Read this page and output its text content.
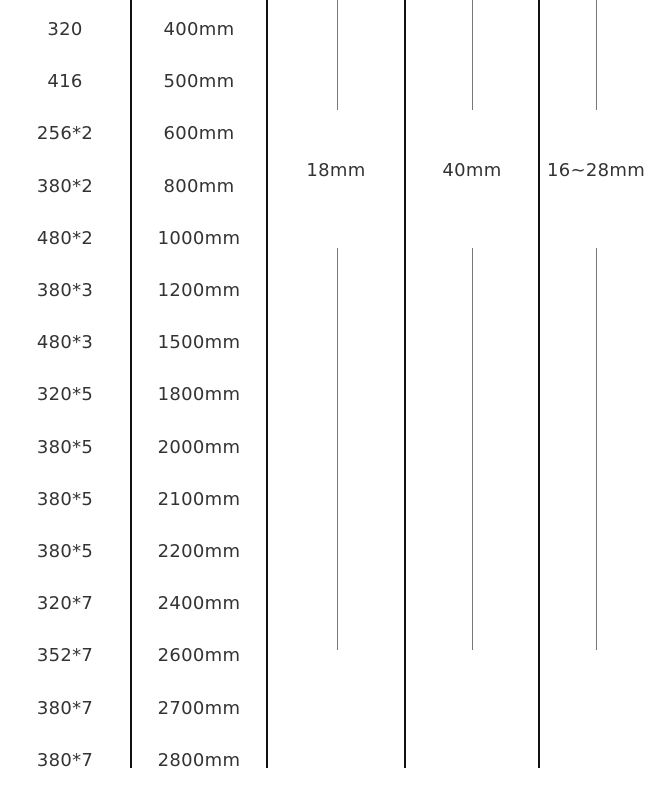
320	400mm
416	500mm
256*2	600mm
380*2	800mm
480*2	1000mm
380*3	1200mm
480*3	1500mm
320*5	1800mm
380*5	2000mm
380*5	2100mm
380*5	2200mm
320*7	2400mm
352*7	2600mm
380*7	2700mm
380*7	2800mm
18mm	40mm	16~28mm
